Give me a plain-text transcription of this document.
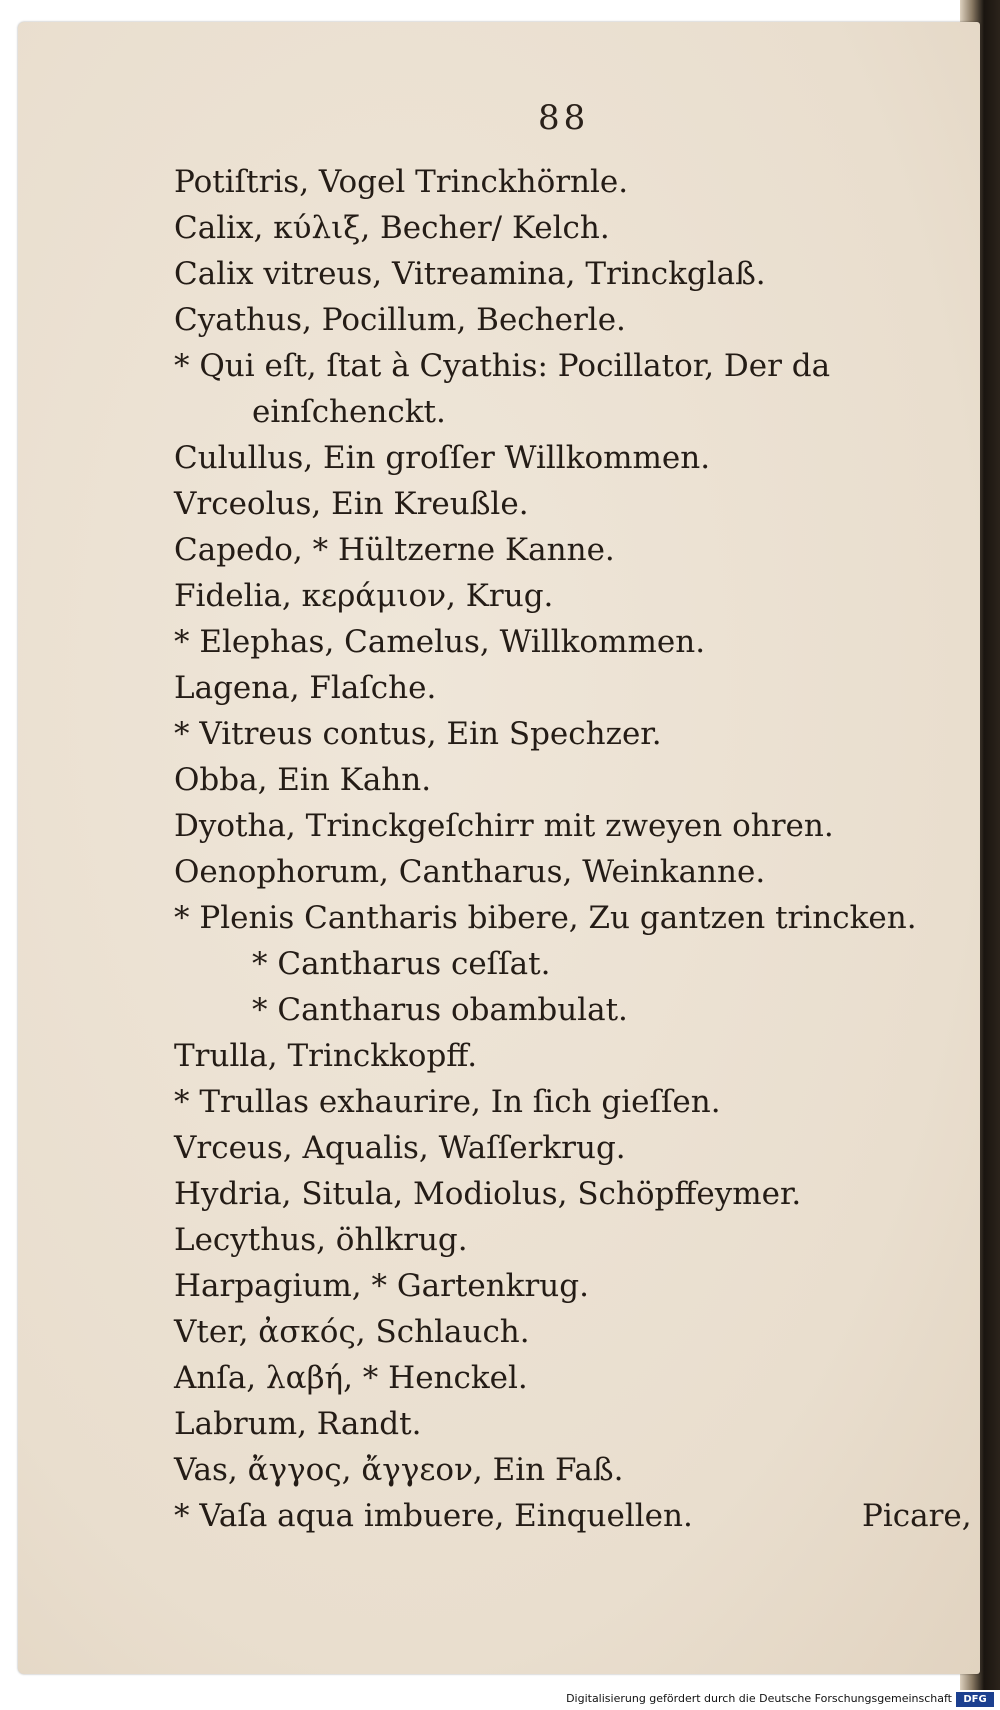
88
Potiſtris, Vogel Trinckhörnle.
Calix, κύλιξ, Becher/ Kelch.
Calix vitreus, Vitreamina, Trinckglaß.
Cyathus, Pocillum, Becherle.
* Qui eſt, ſtat à Cyathis: Pocillator, Der da
einſchenckt.
Culullus, Ein groſſer Willkommen.
Vrceolus, Ein Kreußle.
Capedo, * Hültzerne Kanne.
Fidelia, κεράμιον, Krug.
* Elephas, Camelus, Willkommen.
Lagena, Flaſche.
* Vitreus contus, Ein Spechzer.
Obba, Ein Kahn.
Dyotha, Trinckgeſchirr mit zweyen ohren.
Oenophorum, Cantharus, Weinkanne.
* Plenis Cantharis bibere, Zu gantzen trincken.
* Cantharus ceſſat.
* Cantharus obambulat.
Trulla, Trinckkopff.
* Trullas exhaurire, In ſich gieſſen.
Vrceus, Aqualis, Waſſerkrug.
Hydria, Situla, Modiolus, Schöpffeymer.
Lecythus, öhlkrug.
Harpagium, * Gartenkrug.
Vter, ἀσκός, Schlauch.
Anſa, λαβή, * Henckel.
Labrum, Randt.
Vas, ἄγγος, ἄγγεον, Ein Faß.
* Vaſa aqua imbuere, Einquellen.	Picare,
Digitalisierung gefördert durch die Deutsche Forschungsgemeinschaft	DFG
